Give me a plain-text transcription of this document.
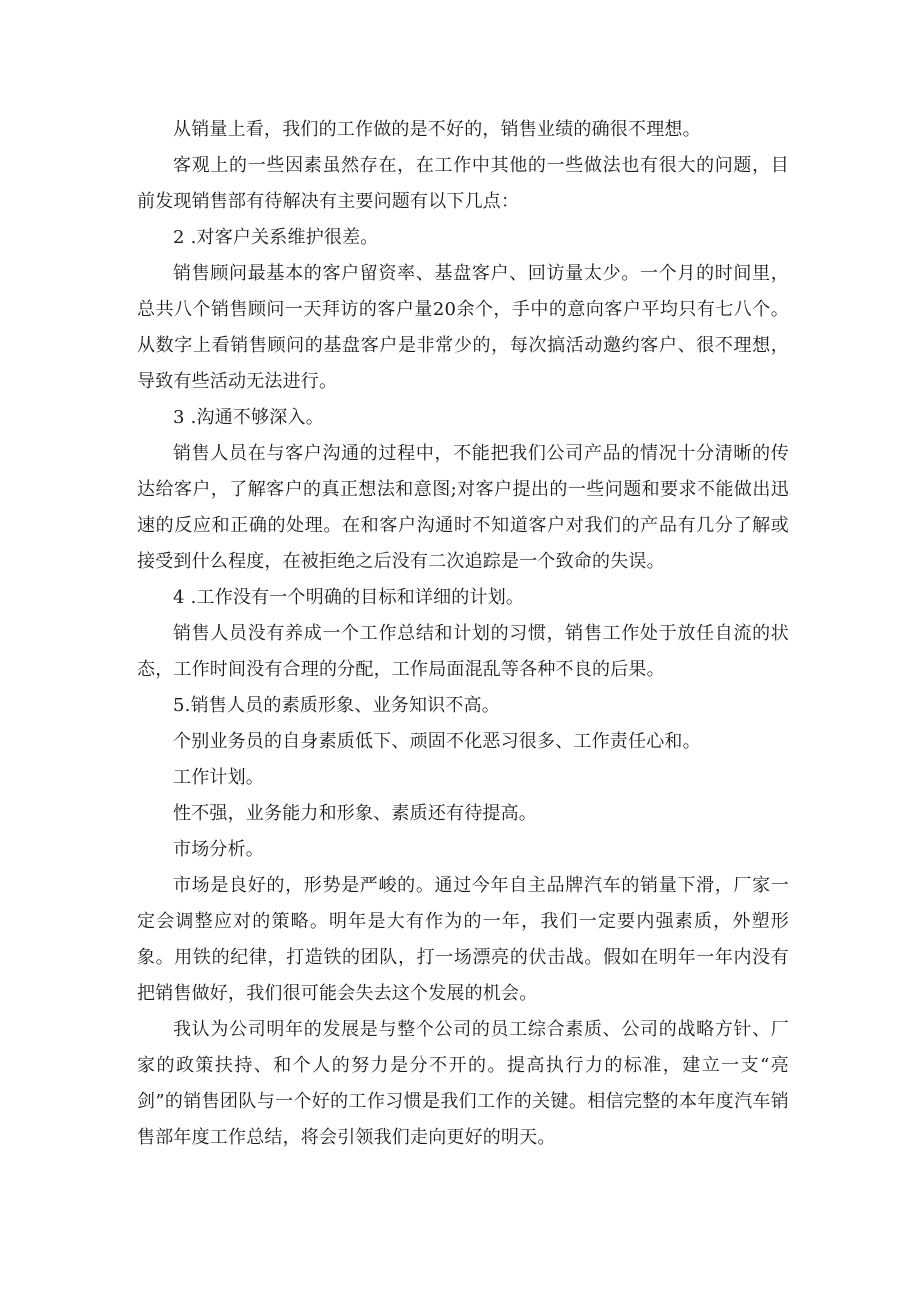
从销量上看，我们的工作做的是不好的，销售业绩的确很不理想。

客观上的一些因素虽然存在，在工作中其他的一些做法也有很大的问题，目前发现销售部有待解决有主要问题有以下几点：

2 .对客户关系维护很差。

销售顾问最基本的客户留资率、基盘客户、回访量太少。一个月的时间里，总共八个销售顾问一天拜访的客户量20余个，手中的意向客户平均只有七八个。从数字上看销售顾问的基盘客户是非常少的，每次搞活动邀约客户、很不理想，导致有些活动无法进行。

3 .沟通不够深入。

销售人员在与客户沟通的过程中，不能把我们公司产品的情况十分清晰的传达给客户，了解客户的真正想法和意图;对客户提出的一些问题和要求不能做出迅速的反应和正确的处理。在和客户沟通时不知道客户对我们的产品有几分了解或接受到什么程度，在被拒绝之后没有二次追踪是一个致命的失误。

4 .工作没有一个明确的目标和详细的计划。

销售人员没有养成一个工作总结和计划的习惯，销售工作处于放任自流的状态，工作时间没有合理的分配，工作局面混乱等各种不良的后果。

5.销售人员的素质形象、业务知识不高。

个别业务员的自身素质低下、顽固不化恶习很多、工作责任心和。

工作计划。

性不强，业务能力和形象、素质还有待提高。

市场分析。

市场是良好的，形势是严峻的。通过今年自主品牌汽车的销量下滑，厂家一定会调整应对的策略。明年是大有作为的一年，我们一定要内强素质，外塑形象。用铁的纪律，打造铁的团队，打一场漂亮的伏击战。假如在明年一年内没有把销售做好，我们很可能会失去这个发展的机会。

我认为公司明年的发展是与整个公司的员工综合素质、公司的战略方针、厂家的政策扶持、和个人的努力是分不开的。提高执行力的标准，建立一支“亮剑”的销售团队与一个好的工作习惯是我们工作的关键。相信完整的本年度汽车销售部年度工作总结，将会引领我们走向更好的明天。
